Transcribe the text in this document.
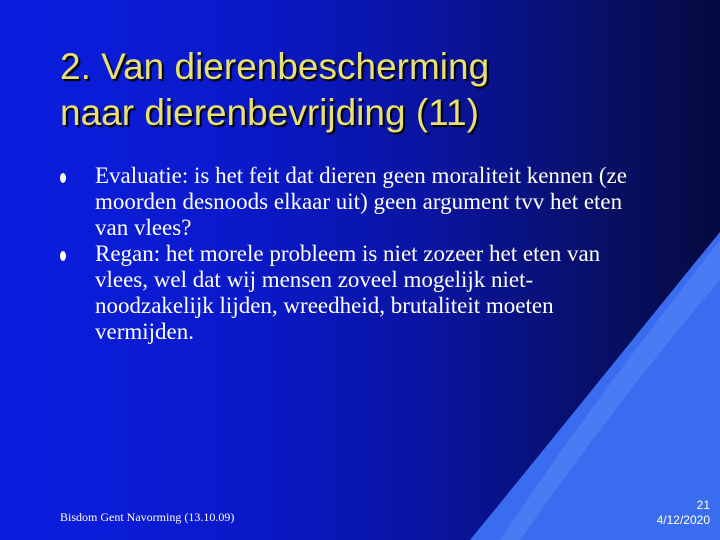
2. Van dierenbescherming
naar dierenbevrijding (11)
Evaluatie: is het feit dat dieren geen moraliteit kennen (ze moorden desnoods elkaar uit) geen argument tvv het eten van vlees?
Regan: het morele probleem is niet zozeer het eten van vlees, wel dat wij mensen zoveel mogelijk niet-noodzakelijk lijden, wreedheid, brutaliteit moeten vermijden.
Bisdom Gent Navorming (13.10.09)
21
4/12/2020
